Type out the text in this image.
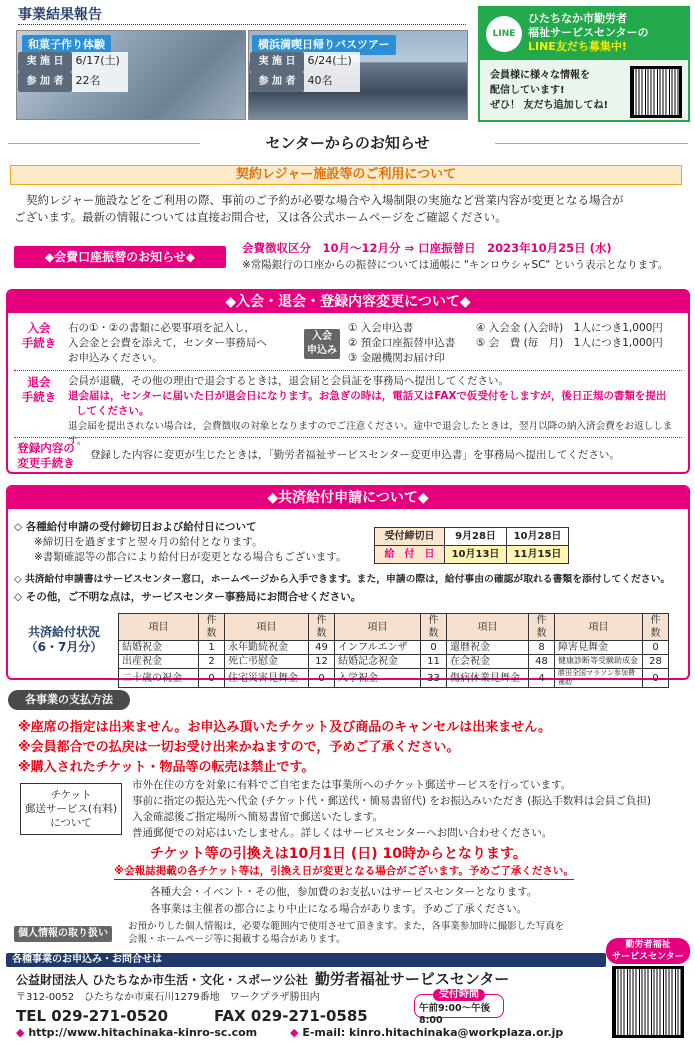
事業結果報告
和菓子作り体験
実 施 日 6/17(土)
参 加 者 22名
横浜満喫日帰りバスツアー
実 施 日 6/24(土)
参 加 者 40名
LINE
ひたちなか市勤労者
福祉サービスセンターの
LINE友だち募集中!
会員様に様々な情報を
配信しています!
ぜひ！ 友だち追加してね!
センターからのお知らせ
契約レジャー施設等のご利用について
契約レジャー施設などをご利用の際、事前のご予約が必要な場合や入場制限の実施など営業内容が変更となる場合が
ございます。最新の情報については直接お問合せ，又は各公式ホームページをご確認ください。
◆会費口座振替のお知らせ◆
会費徴収区分　10月～12月分 ⇒ 口座振替日　2023年10月25日 (水)
※常陽銀行の口座からの振替については通帳に "キンロウシャSC" という表示となります。
◆入会・退会・登録内容変更について◆
入会
手続き
右の①・②の書類に必要事項を記入し，
入会金と会費を添えて，センター事務局へ
お申込みください。
入会
申込み
① 入会申込書
② 預金口座振替申込書
③ 金融機関お届け印
④ 入会金 (入会時)　1人につき1,000円
⑤ 会　費 (毎　月)　1人につき1,000円
退会
手続き
会員が退職，その他の理由で退会するときは，退会届と会員証を事務局へ提出してください。
退会届は，センターに届いた日が退会日になります。お急ぎの時は，電話又はFAXで仮受付をしますが，後日正規の書類を提出
してください。
退会届を提出されない場合は，会費徴収の対象となりますのでご注意ください。途中で退会したときは，翌月以降の納入済会費をお返しします。
登録内容の
変更手続き
登録した内容に変更が生じたときは，「勤労者福祉サービスセンター変更申込書」を事務局へ提出してください。
◆共済給付申請について◆
◇ 各種給付申請の受付締切日および給付日について
※締切日を過ぎますと翌々月の給付となります。
※書類確認等の都合により給付日が変更となる場合もございます。
受付締切日	9月28日	10月28日
給　付　日	10月13日	11月15日
◇ 共済給付申請書はサービスセンター窓口，ホームページから入手できます。また，申請の際は，給付事由の確認が取れる書類を添付してください。
◇ その他，ご不明な点は，サービスセンター事務局にお問合せください。
共済給付状況
（6・7月分）
項目	件数	項目	件数	項目	件数	項目	件数	項目	件数
結婚祝金	1	永年勤続祝金	49	インフルエンザ	0	還暦祝金	8	障害見舞金	0
出産祝金	2	死亡弔慰金	12	結婚記念祝金	11	在会祝金	48	健康診断等受験助成金	28
二十歳の祝金	0	住宅災害見舞金	0	入学祝金	33	傷病休業見舞金	4	勝田全国マラソン参加費補助	0
各事業の支払方法
※座席の指定は出来ません。お申込み頂いたチケット及び商品のキャンセルは出来ません。
※会員都合での払戻は一切お受け出来かねますので，予めご了承ください。
※購入されたチケット・物品等の転売は禁止です。
チケット
郵送サービス(有料)
について
市外在住の方を対象に有料でご自宅または事業所へのチケット郵送サービスを行っています。
事前に指定の振込先へ代金 (チケット代・郵送代・簡易書留代) をお振込みいただき (振込手数料は会員ご負担)
入金確認後ご指定場所へ簡易書留で郵送いたします。
普通郵便での対応はいたしません。詳しくはサービスセンターへお問い合わせください。
チケット等の引換えは10月1日 (日) 10時からとなります。
※会報誌掲載の各チケット等は，引換え日が変更となる場合がございます。予めご了承ください。
各種大会・イベント・その他，参加費のお支払いはサービスセンターとなります。
各事業は主催者の都合により中止になる場合があります。予めご了承ください。
個人情報の取り扱い
お預かりした個人情報は，必要な範囲内で使用させて頂きます。また，各事業参加時に撮影した写真を
会報・ホームページ等に掲載する場合があります。
各種事業のお申込み・お問合せは
勤労者福祉
サービスセンター
公益財団法人 ひたちなか市生活・文化・スポーツ公社 勤労者福祉サービスセンター
〒312-0052　ひたちなか市東石川1279番地　ワークプラザ勝田内	受付時間
午前9:00～午後8:00
TEL 029-271-0520	FAX 029-271-0585
◆ http://www.hitachinaka-kinro-sc.com	◆ E-mail: kinro.hitachinaka@workplaza.or.jp
